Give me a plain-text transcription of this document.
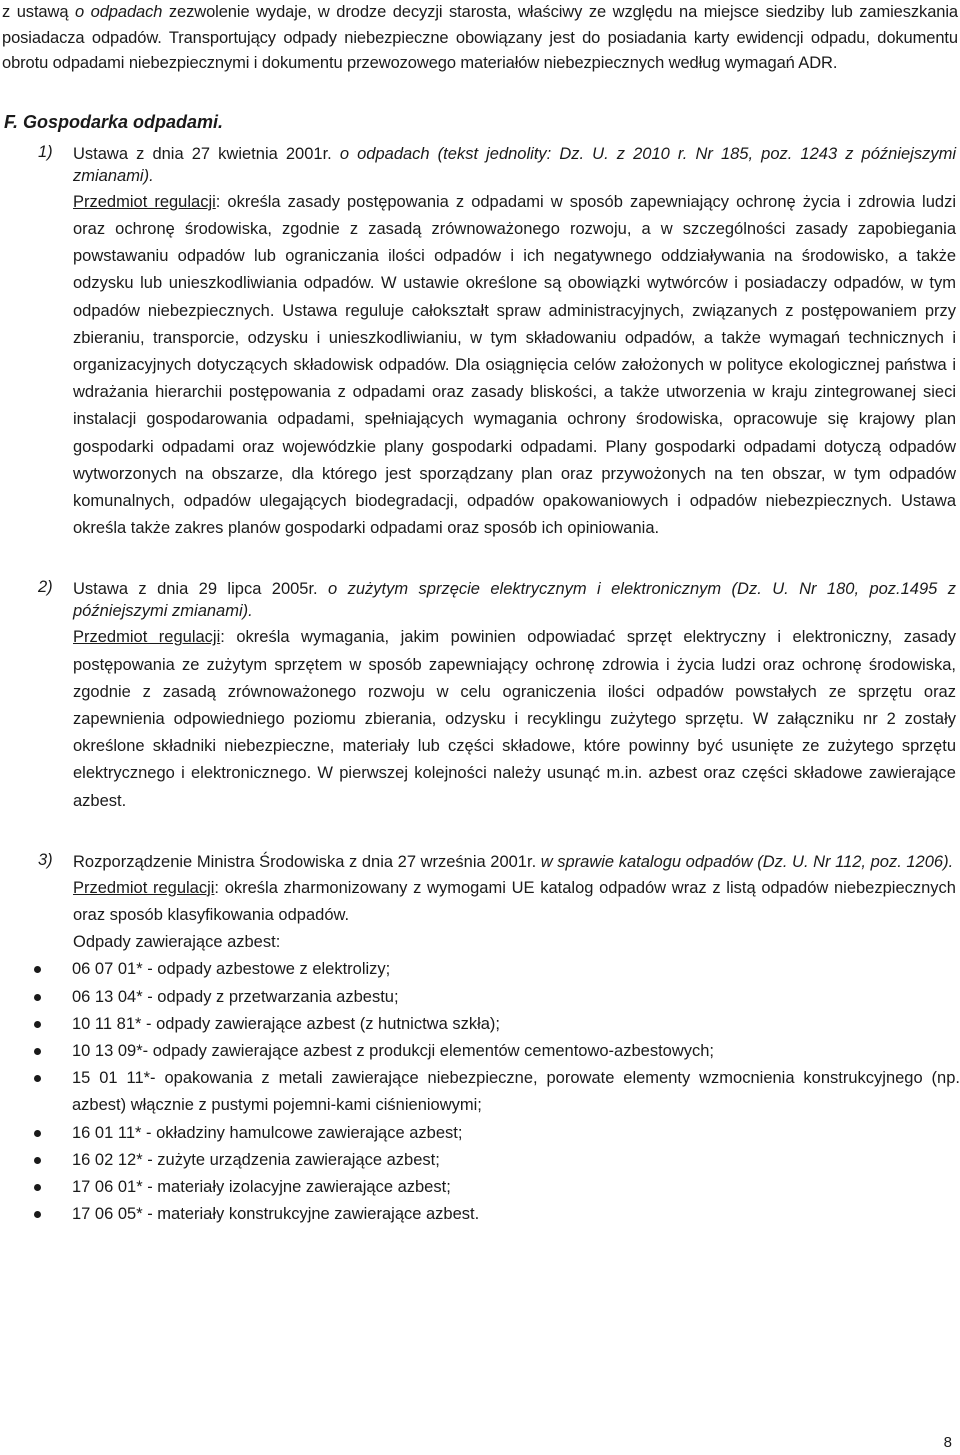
z ustawą o odpadach zezwolenie wydaje, w drodze decyzji starosta, właściwy ze względu na miejsce siedziby lub zamieszkania posiadacza odpadów. Transportujący odpady niebezpieczne obowiązany jest do posiadania karty ewidencji odpadu, dokumentu obrotu odpadami niebezpiecznymi i dokumentu przewozowego materiałów niebezpiecznych według wymagań ADR.

F. Gospodarka odpadami.
1) Ustawa z dnia 27 kwietnia 2001r. o odpadach (tekst jednolity: Dz. U. z 2010 r. Nr 185, poz. 1243 z późniejszymi zmianami).
Przedmiot regulacji: określa zasady postępowania z odpadami w sposób zapewniający ochronę życia i zdrowia ludzi oraz ochronę środowiska, zgodnie z zasadą zrównoważonego rozwoju, a w szczególności zasady zapobiegania powstawaniu odpadów lub ograniczania ilości odpadów i ich negatywnego oddziaływania na środowisko, a także odzysku lub unieszkodliwiania odpadów. W ustawie określone są obowiązki wytwórców i posiadaczy odpadów, w tym odpadów niebezpiecznych. Ustawa reguluje całokształt spraw administracyjnych, związanych z postępowaniem przy zbieraniu, transporcie, odzysku i unieszkodliwianiu, w tym składowaniu odpadów, a także wymagań technicznych i organizacyjnych dotyczących składowisk odpadów. Dla osiągnięcia celów założonych w polityce ekologicznej państwa i wdrażania hierarchii postępowania z odpadami oraz zasady bliskości, a także utworzenia w kraju zintegrowanej sieci instalacji gospodarowania odpadami, spełniających wymagania ochrony środowiska, opracowuje się krajowy plan gospodarki odpadami oraz wojewódzkie plany gospodarki odpadami. Plany gospodarki odpadami dotyczą odpadów wytworzonych na obszarze, dla którego jest sporządzany plan oraz przywożonych na ten obszar, w tym odpadów komunalnych, odpadów ulegających biodegradacji, odpadów opakowaniowych i odpadów niebezpiecznych. Ustawa określa także zakres planów gospodarki odpadami oraz sposób ich opiniowania.
2) Ustawa z dnia 29 lipca 2005r. o zużytym sprzęcie elektrycznym i elektronicznym (Dz. U. Nr 180, poz.1495 z późniejszymi zmianami).
Przedmiot regulacji: określa wymagania, jakim powinien odpowiadać sprzęt elektryczny i elektroniczny, zasady postępowania ze zużytym sprzętem w sposób zapewniający ochronę zdrowia i życia ludzi oraz ochronę środowiska, zgodnie z zasadą zrównoważonego rozwoju w celu ograniczenia ilości odpadów powstałych ze sprzętu oraz zapewnienia odpowiedniego poziomu zbierania, odzysku i recyklingu zużytego sprzętu. W załączniku nr 2 zostały określone składniki niebezpieczne, materiały lub części składowe, które powinny być usunięte ze zużytego sprzętu elektrycznego i elektronicznego. W pierwszej kolejności należy usunąć m.in. azbest oraz części składowe zawierające azbest.
3) Rozporządzenie Ministra Środowiska z dnia 27 września 2001r. w sprawie katalogu odpadów (Dz. U. Nr 112, poz. 1206).
Przedmiot regulacji: określa zharmonizowany z wymogami UE katalog odpadów wraz z listą odpadów niebezpiecznych oraz sposób klasyfikowania odpadów.
Odpady zawierające azbest:
06 07 01* - odpady azbestowe z elektrolizy;
06 13 04* - odpady z przetwarzania azbestu;
10 11 81* - odpady zawierające azbest (z hutnictwa szkła);
10 13 09*- odpady zawierające azbest z produkcji elementów cementowo-azbestowych;
15 01 11*- opakowania z metali zawierające niebezpieczne, porowate elementy wzmocnienia konstrukcyjnego (np. azbest) włącznie z pustymi pojemni-kami ciśnieniowymi;
16 01 11* - okładziny hamulcowe zawierające azbest;
16 02 12* - zużyte urządzenia zawierające azbest;
17 06 01* - materiały izolacyjne zawierające azbest;
17 06 05* - materiały konstrukcyjne zawierające azbest.
8
